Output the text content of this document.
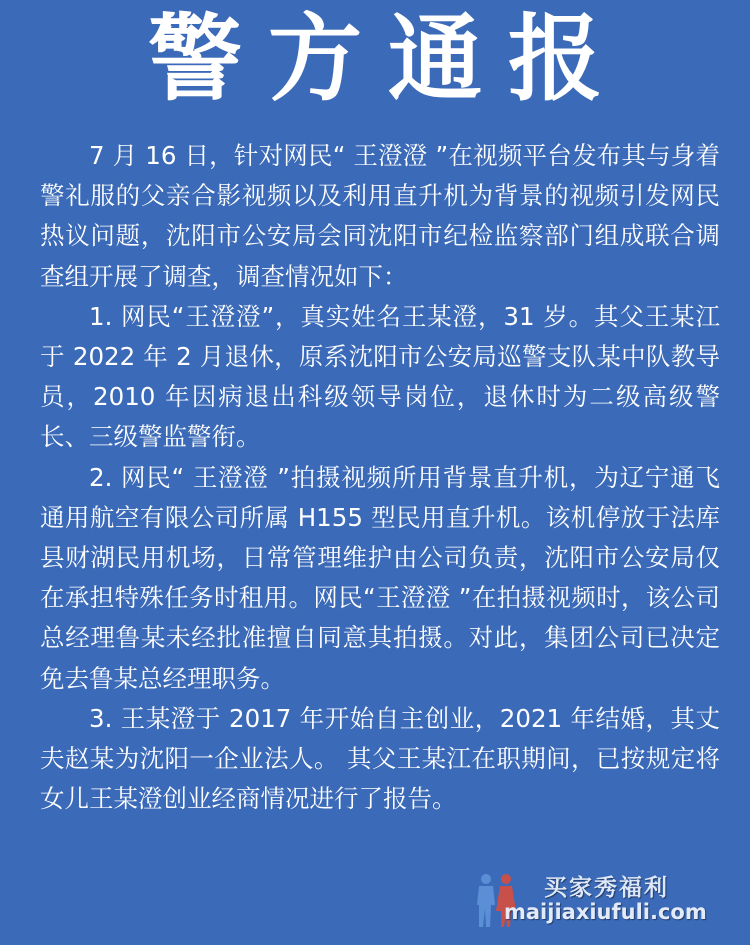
警方通报

7 月 16 日，针对网民“ 王澄澄 ”在视频平台发布其与身着警礼服的父亲合影视频以及利用直升机为背景的视频引发网民热议问题，沈阳市公安局会同沈阳市纪检监察部门组成联合调查组开展了调查，调查情况如下：

1. 网民“王澄澄”，真实姓名王某澄，31 岁。其父王某江于 2022 年 2 月退休，原系沈阳市公安局巡警支队某中队教导员，2010 年因病退出科级领导岗位，退休时为二级高级警长、三级警监警衔。

2. 网民“ 王澄澄 ”拍摄视频所用背景直升机，为辽宁通飞通用航空有限公司所属 H155 型民用直升机。该机停放于法库县财湖民用机场，日常管理维护由公司负责，沈阳市公安局仅在承担特殊任务时租用。网民“王澄澄 ”在拍摄视频时，该公司总经理鲁某未经批准擅自同意其拍摄。对此，集团公司已决定免去鲁某总经理职务。

3. 王某澄于 2017 年开始自主创业，2021 年结婚，其丈夫赵某为沈阳一企业法人。 其父王某江在职期间，已按规定将女儿王某澄创业经商情况进行了报告。

买家秀福利
maijiaxiufuli.com
